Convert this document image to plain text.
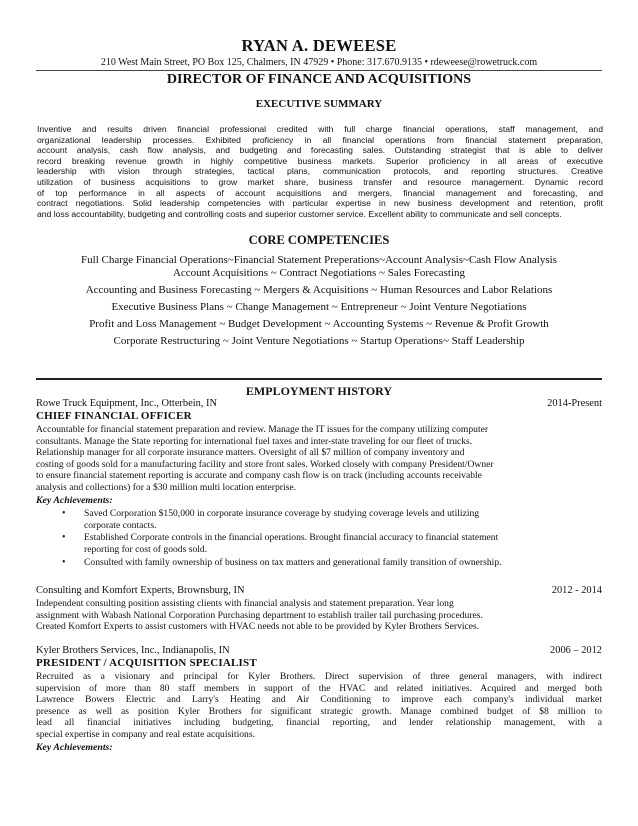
RYAN A. DEWEESE
210 West Main Street, PO Box 125, Chalmers, IN 47929 • Phone: 317.670.9135 • rdeweese@rowetruck.com
DIRECTOR OF FINANCE AND ACQUISITIONS
EXECUTIVE SUMMARY
Inventive and results driven financial professional credited with full charge financial operations, staff management, and
organizational leadership processes. Exhibited proficiency in all financial operations from financial statement preparation,
account analysis, cash flow analysis, and budgeting and forecasting sales. Outstanding strategist that is able to deliver
record breaking revenue growth in highly competitive business markets. Superior proficiency in all areas of executive
leadership with vision through strategies, tactical plans, communication protocols, and reporting structures. Creative
utilization of business acquisitions to grow market share, business transfer and resource management. Dynamic record
of top performance in all aspects of account acquisitions and mergers, financial management and forecasting, and
contract negotiations. Solid leadership competencies with particular expertise in new business development and retention, profit
and loss accountability, budgeting and controlling costs and superior customer service. Excellent ability to communicate and sell concepts.
CORE COMPETENCIES
Full Charge Financial Operations~Financial Statement Preperations~Account Analysis~Cash Flow Analysis
Account Acquisitions ~ Contract Negotiations ~ Sales Forecasting
Accounting and Business Forecasting ~ Mergers & Acquisitions ~ Human Resources and Labor Relations
Executive Business Plans ~ Change Management ~ Entrepreneur ~ Joint Venture Negotiations
Profit and Loss Management ~ Budget Development ~ Accounting Systems ~ Revenue & Profit Growth
Corporate Restructuring ~ Joint Venture Negotiations ~ Startup Operations~ Staff Leadership
EMPLOYMENT HISTORY
Rowe Truck Equipment, Inc., Otterbein, IN	2014-Present
CHIEF FINANCIAL OFFICER
Accountable for financial statement preparation and review. Manage the IT issues for the company utilizing computer
consultants. Manage the State reporting for international fuel taxes and inter-state traveling for our fleet of trucks.
Relationship manager for all corporate insurance matters. Oversight of all $7 million of company inventory and
costing of goods sold for a manufacturing facility and store front sales. Worked closely with company President/Owner
to ensure financial statement reporting is accurate and company cash flow is on track (including accounts receivable
analysis and collections) for a $30 million multi location enterprise.
Key Achievements:
• Saved Corporation $150,000 in corporate insurance coverage by studying coverage levels and utilizing
corporate contacts.
• Established Corporate controls in the financial operations. Brought financial accuracy to financial statement
reporting for cost of goods sold.
• Consulted with family ownership of business on tax matters and generational family transition of ownership.
Consulting and Komfort Experts, Brownsburg, IN	2012 - 2014
Independent consulting position assisting clients with financial analysis and statement preparation. Year long
assignment with Wabash National Corporation Purchasing department to establish trailer tail purchasing procedures.
Created Komfort Experts to assist customers with HVAC needs not able to be provided by Kyler Brothers Services.
Kyler Brothers Services, Inc., Indianapolis, IN	2006 – 2012
PRESIDENT / ACQUISITION SPECIALIST
Recruited as a visionary and principal for Kyler Brothers. Direct supervision of three general managers, with indirect
supervision of more than 80 staff members in support of the HVAC and related initiatives. Acquired and merged both
Lawrence Bowers Electric and Larry's Heating and Air Conditioning to improve each company's individual market
presence as well as position Kyler Brothers for significant strategic growth. Manage combined budget of $8 million to
lead all financial initiatives including budgeting, financial reporting, and lender relationship management, with a
special expertise in company and real estate acquisitions.
Key Achievements:
